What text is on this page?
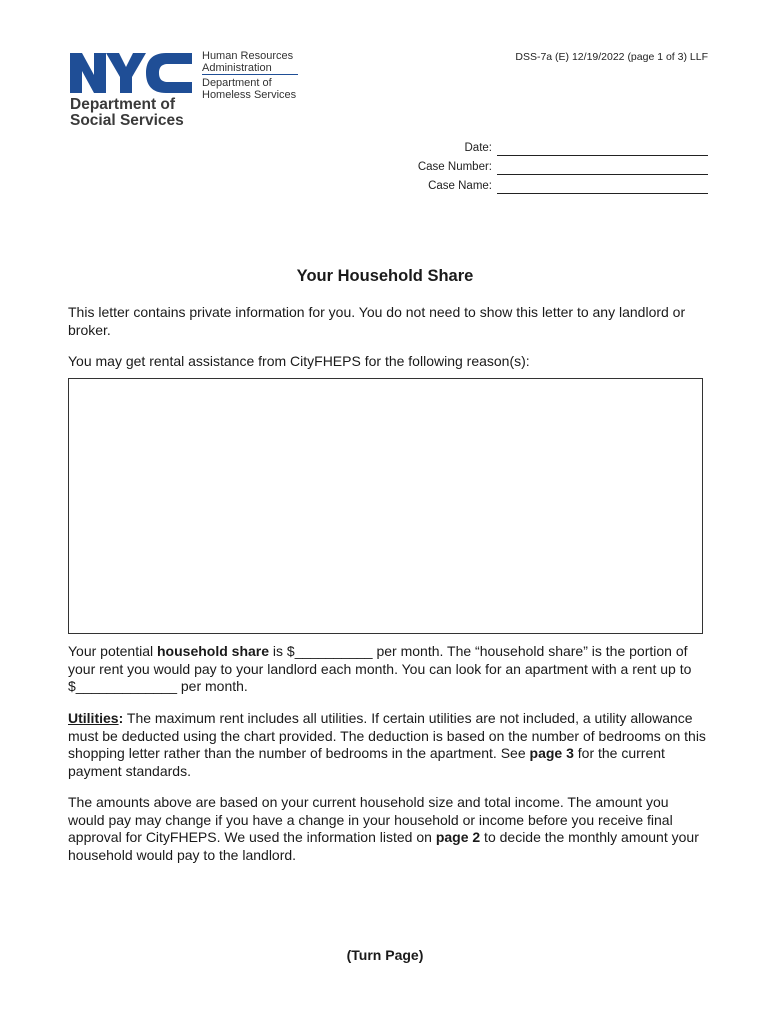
Human Resources
Administration
Department of
Homeless Services
Department of
Social Services
DSS-7a (E) 12/19/2022 (page 1 of 3) LLF
Date:
Case Number:
Case Name:
Your Household Share
This letter contains private information for you. You do not need to show this letter to any landlord or broker.
You may get rental assistance from CityFHEPS for the following reason(s):
Your potential household share is $__________ per month. The “household share” is the portion of your rent you would pay to your landlord each month. You can look for an apartment with a rent up to $_____________ per month.
Utilities: The maximum rent includes all utilities. If certain utilities are not included, a utility allowance must be deducted using the chart provided. The deduction is based on the number of bedrooms on this shopping letter rather than the number of bedrooms in the apartment. See page 3 for the current payment standards.
The amounts above are based on your current household size and total income. The amount you would pay may change if you have a change in your household or income before you receive final approval for CityFHEPS. We used the information listed on page 2 to decide the monthly amount your household would pay to the landlord.
(Turn Page)
